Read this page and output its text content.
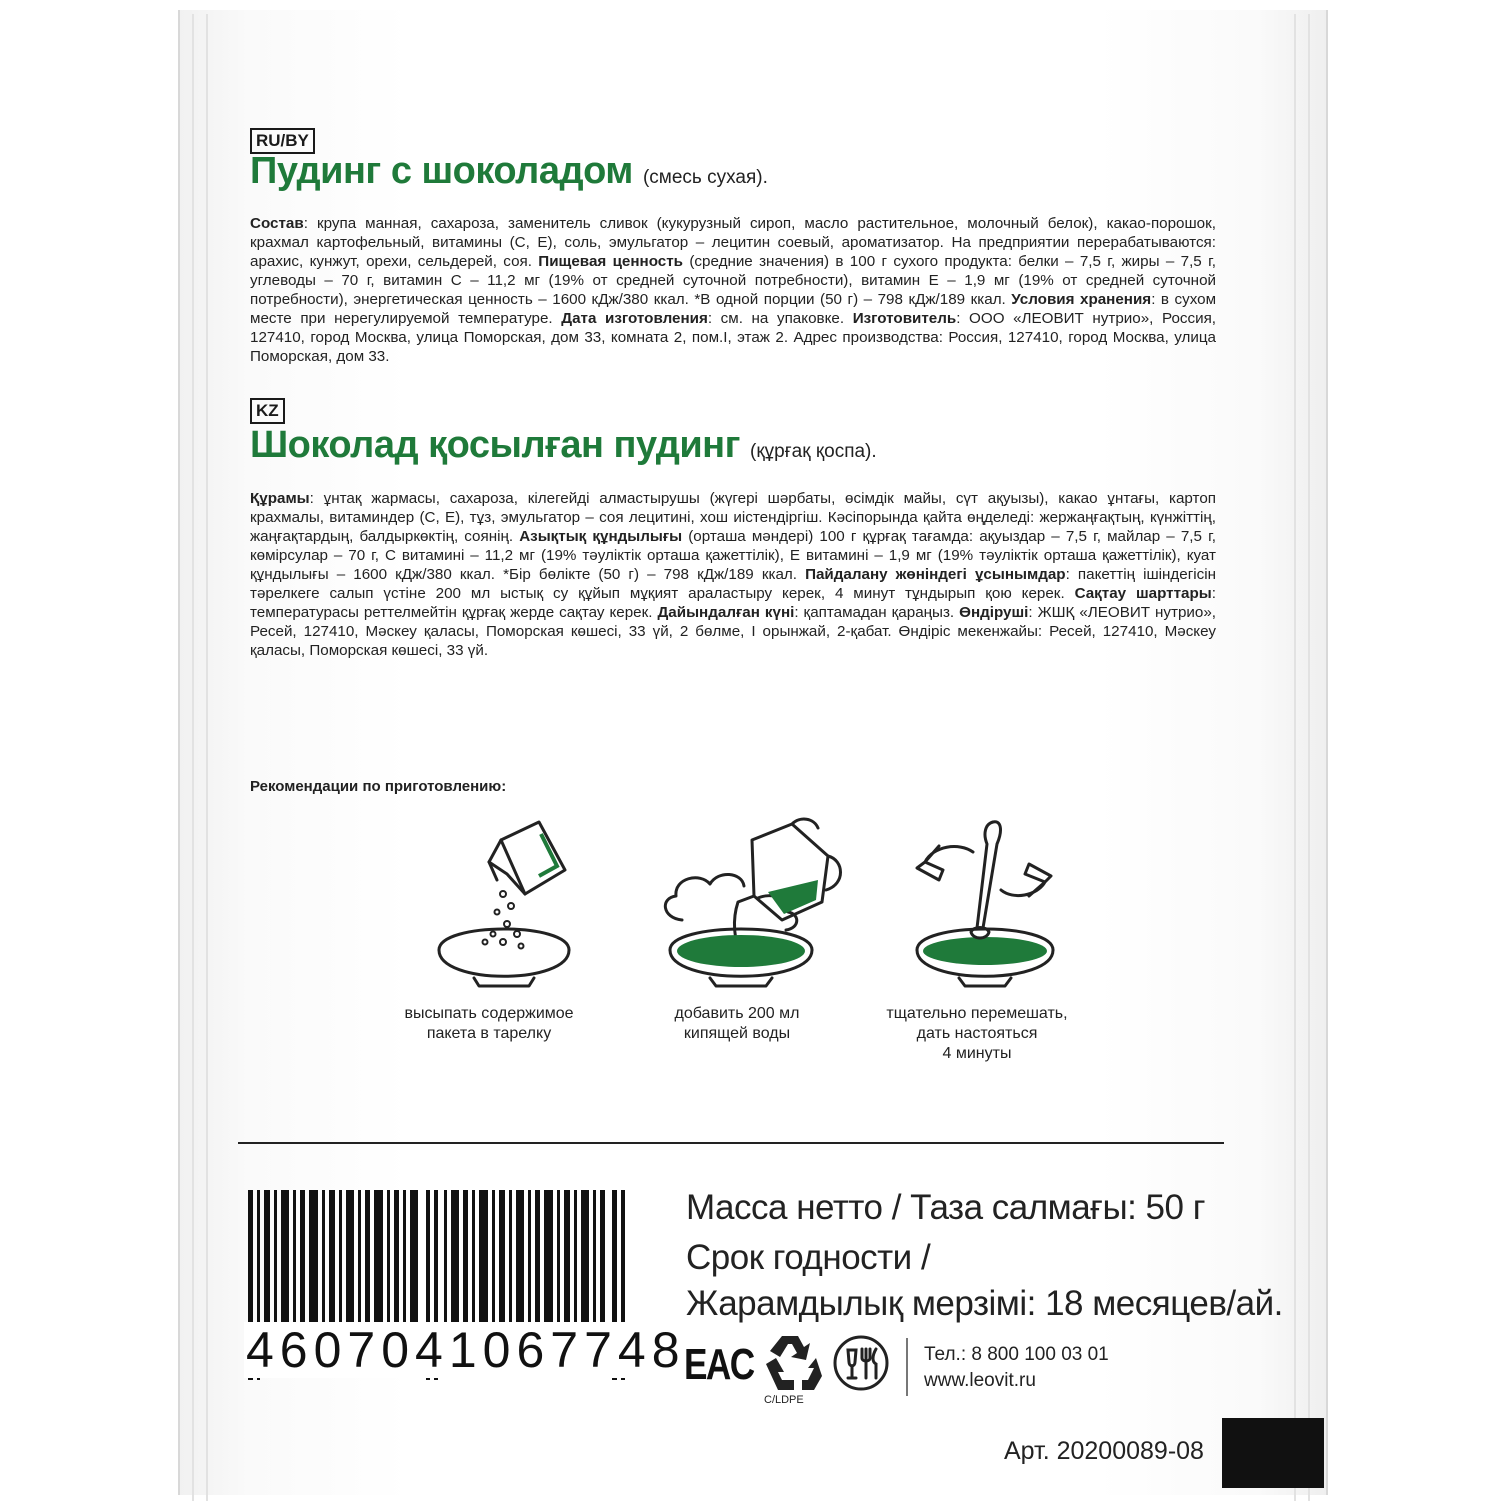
RU/BY
Пудинг с шоколадом (смесь сухая).
Состав: крупа манная, сахароза, заменитель сливок (кукурузный сироп, масло растительное, молочный белок), какао-порошок, крахмал картофельный, витамины (С, Е), соль, эмульгатор – лецитин соевый, ароматизатор. На предприятии перерабатываются: арахис, кунжут, орехи, сельдерей, соя. Пищевая ценность (средние значения) в 100 г сухого продукта: белки – 7,5 г, жиры – 7,5 г, углеводы – 70 г, витамин С – 11,2 мг (19% от средней суточной потребности), витамин Е – 1,9 мг (19% от средней суточной потребности), энергетическая ценность – 1600 кДж/380 ккал. *В одной порции (50 г) – 798 кДж/189 ккал. Условия хранения: в сухом месте при нерегулируемой температуре. Дата изготовления: см. на упаковке. Изготовитель: ООО «ЛЕОВИТ нутрио», Россия, 127410, город Москва, улица Поморская, дом 33, комната 2, пом.I, этаж 2. Адрес производства: Россия, 127410, город Москва, улица Поморская, дом 33.
KZ
Шоколад қосылған пудинг (құрғақ қоспа).
Құрамы: ұнтақ жармасы, сахароза, кілегейді алмастырушы (жүгері шәрбаты, өсімдік майы, сүт ақуызы), какао ұнтағы, картоп крахмалы, витаминдер (С, Е), тұз, эмульгатор – соя лецитині, хош иістендіргіш. Кәсіпорында қайта өңделеді: жержаңғақтың, күнжіттің, жаңғақтардың, балдыркөктің, соянің. Азықтық құндылығы (орташа мәндері) 100 г құрғақ тағамда: ақуыздар – 7,5 г, майлар – 7,5 г, көмірсулар – 70 г, С витамині – 11,2 мг (19% тәуліктік орташа қажеттілік), Е витамині – 1,9 мг (19% тәуліктік орташа қажеттілік), куат құндылығы – 1600 кДж/380 ккал. *Бір бөлікте (50 г) – 798 кДж/189 ккал. Пайдалану жөніндегі ұсынымдар: пакеттің ішіндегісін тәрелкеге салып үстіне 200 мл ыстық су құйып мұқият араластыру керек, 4 минут тұндырып қою керек. Сақтау шарттары: температурасы реттелмейтін құрғақ жерде сақтау керек. Дайындалған күні: қаптамадан қараңыз. Өндіруші: ЖШҚ «ЛЕОВИТ нутрио», Ресей, 127410, Мәскеу қаласы, Поморская көшесі, 33 үй, 2 бөлме, I орынжай, 2-қабат. Өндіріс мекенжайы: Ресей, 127410, Мәскеу қаласы, Поморская көшесі, 33 үй.
Рекомендации по приготовлению:
высыпать содержимое
пакета в тарелку
добавить 200 мл
кипящей воды
тщательно перемешать,
дать настояться
4 минуты
4607041067748
Масса нетто / Таза салмағы: 50 г
Срок годности /
Жарамдылық мерзімі: 18 месяцев/ай.
EAC
C/LDPE
Тел.: 8 800 100 03 01
www.leovit.ru
Арт. 20200089-08
